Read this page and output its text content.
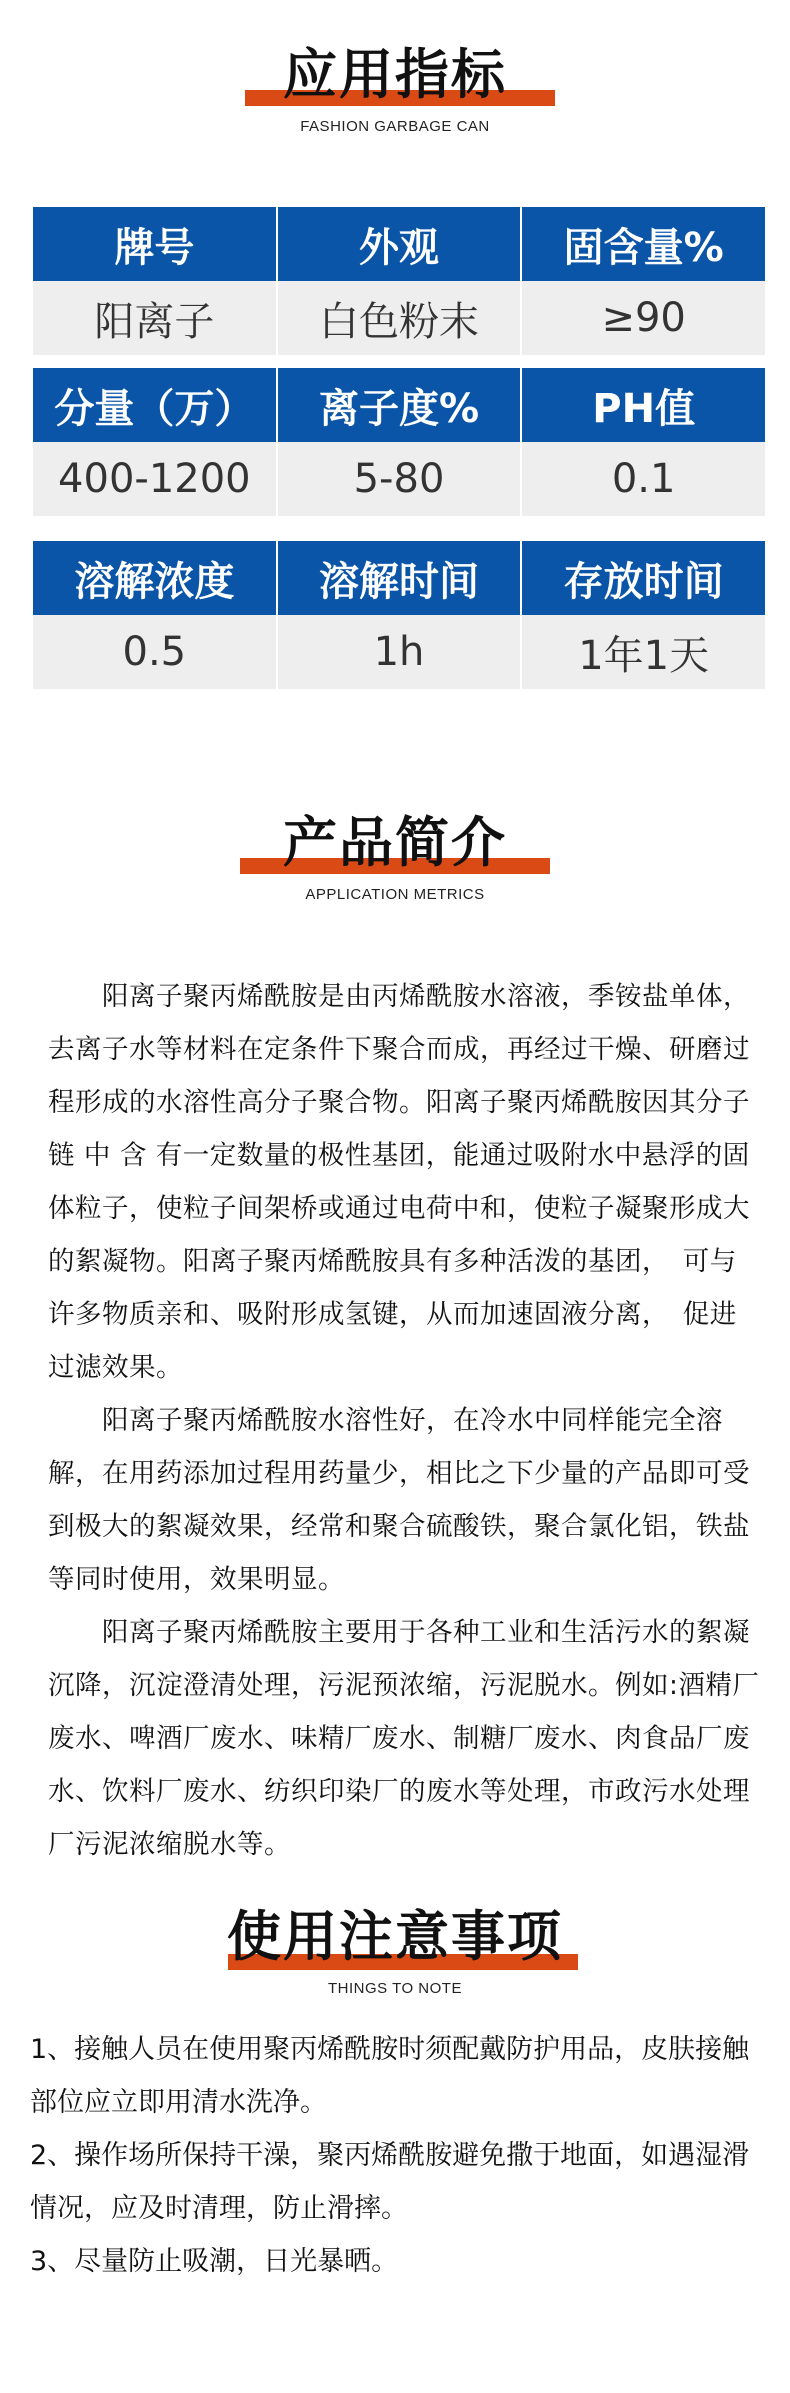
应用指标
FASHION GARBAGE CAN
牌号	外观	固含量%
阳离子	白色粉末	≥90
分量（万）	离子度%	PH值
400-1200	5-80	0.1
溶解浓度	溶解时间	存放时间
0.5	1h	1年1天
产品简介
APPLICATION METRICS

　　阳离子聚丙烯酰胺是由丙烯酰胺水溶液，季铵盐单体，去离子水等材料在定条件下聚合而成，再经过干燥、研磨过程形成的水溶性高分子聚合物。阳离子聚丙烯酰胺因其分子链 中 含 有一定数量的极性基团，能通过吸附水中悬浮的固体粒子，使粒子间架桥或通过电荷中和，使粒子凝聚形成大的絮凝物。阳离子聚丙烯酰胺具有多种活泼的基团，　可与许多物质亲和、吸附形成氢键，从而加速固液分离，　促进过滤效果。

　　阳离子聚丙烯酰胺水溶性好，在冷水中同样能完全溶解，在用药添加过程用药量少，相比之下少量的产品即可受到极大的絮凝效果，经常和聚合硫酸铁，聚合氯化铝，铁盐等同时使用，效果明显。

　　阳离子聚丙烯酰胺主要用于各种工业和生活污水的絮凝沉降，沉淀澄清处理，污泥预浓缩，污泥脱水。例如:酒精厂废水、啤酒厂废水、味精厂废水、制糖厂废水、肉食品厂废水、饮料厂废水、纺织印染厂的废水等处理，市政污水处理厂污泥浓缩脱水等。

使用注意事项
THINGS TO NOTE

1、接触人员在使用聚丙烯酰胺时须配戴防护用品，皮肤接触部位应立即用清水洗净。

2、操作场所保持干澡，聚丙烯酰胺避免撒于地面，如遇湿滑情况，应及时清理，防止滑摔。

3、尽量防止吸潮，日光暴晒。
